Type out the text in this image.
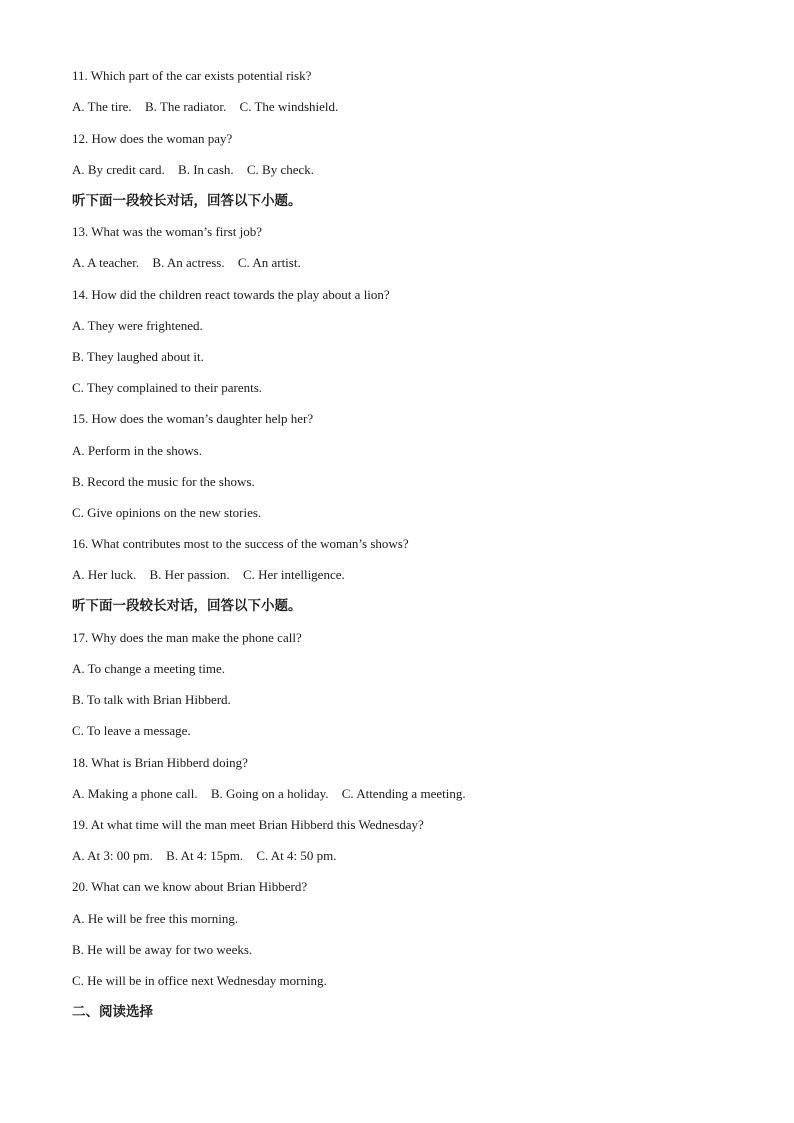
11. Which part of the car exists potential risk?
A. The tire. B. The radiator. C. The windshield.
12. How does the woman pay?
A. By credit card. B. In cash. C. By check.
听下面一段较长对话，回答以下小题。
13. What was the woman’s first job?
A. A teacher. B. An actress. C. An artist.
14. How did the children react towards the play about a lion?
A. They were frightened.
B. They laughed about it.
C. They complained to their parents.
15. How does the woman’s daughter help her?
A. Perform in the shows.
B. Record the music for the shows.
C. Give opinions on the new stories.
16. What contributes most to the success of the woman’s shows?
A. Her luck. B. Her passion. C. Her intelligence.
听下面一段较长对话，回答以下小题。
17. Why does the man make the phone call?
A. To change a meeting time.
B. To talk with Brian Hibberd.
C. To leave a message.
18. What is Brian Hibberd doing?
A. Making a phone call. B. Going on a holiday. C. Attending a meeting.
19. At what time will the man meet Brian Hibberd this Wednesday?
A. At 3: 00 pm. B. At 4: 15pm. C. At 4: 50 pm.
20. What can we know about Brian Hibberd?
A. He will be free this morning.
B. He will be away for two weeks.
C. He will be in office next Wednesday morning.
二、阅读选择
